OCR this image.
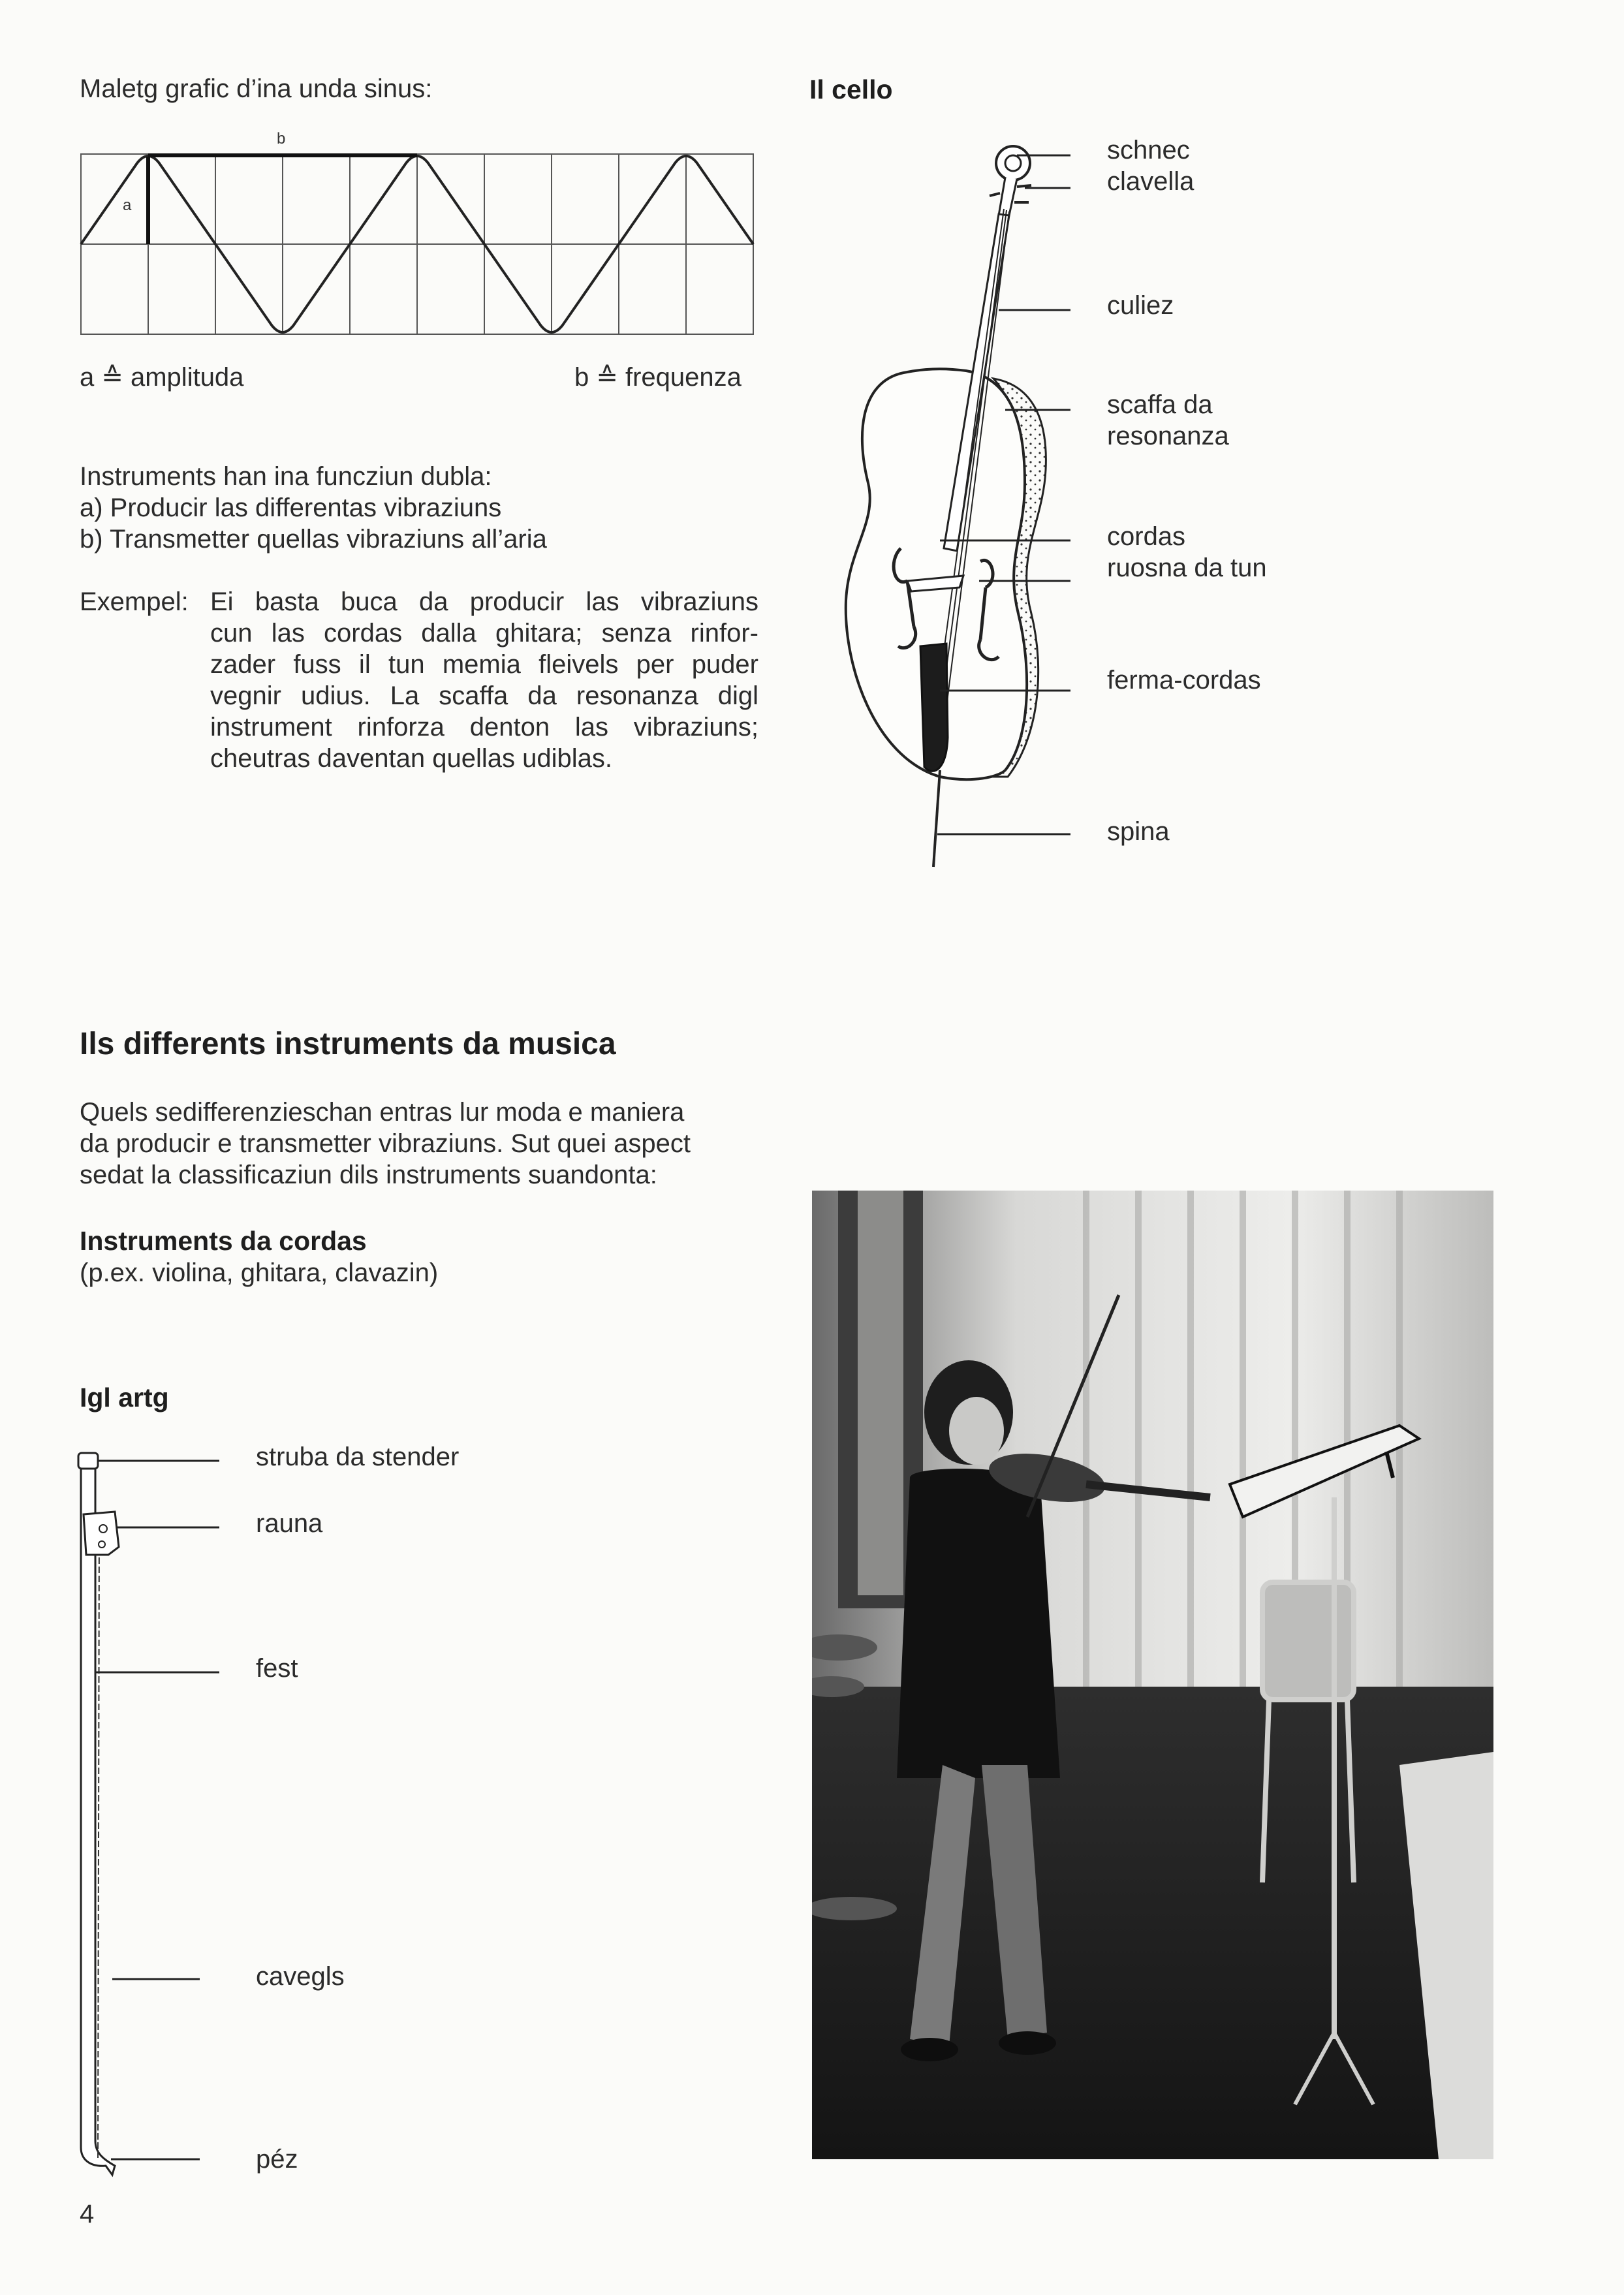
Maletg grafic d’ina unda sinus:
a
b
a ≙ amplituda	b ≙ frequenza
Instruments han ina funcziun dubla:
a) Producir las differentas vibraziuns
b) Transmetter quellas vibraziuns all’aria
Exempel: Ei basta buca da producir las vibraziuns
cun las cordas dalla ghitara; senza rinfor-
zader fuss il tun memia fleivels per puder
vegnir udius. La scaffa da resonanza digl
instrument rinforza denton las vibraziuns;
cheutras daventan quellas udiblas.
Il cello
schnec
clavella
culiez
scaffa da
resonanza
cordas
ruosna da tun
ferma-cordas
spina
Ils differents instruments da musica
Quels sedifferenzieschan entras lur moda e maniera
da producir e transmetter vibraziuns. Sut quei aspect
sedat la classificaziun dils instruments suandonta:
Instruments da cordas
(p.ex. violina, ghitara, clavazin)
Igl artg
struba da stender
rauna
fest
cavegls
péz
4
